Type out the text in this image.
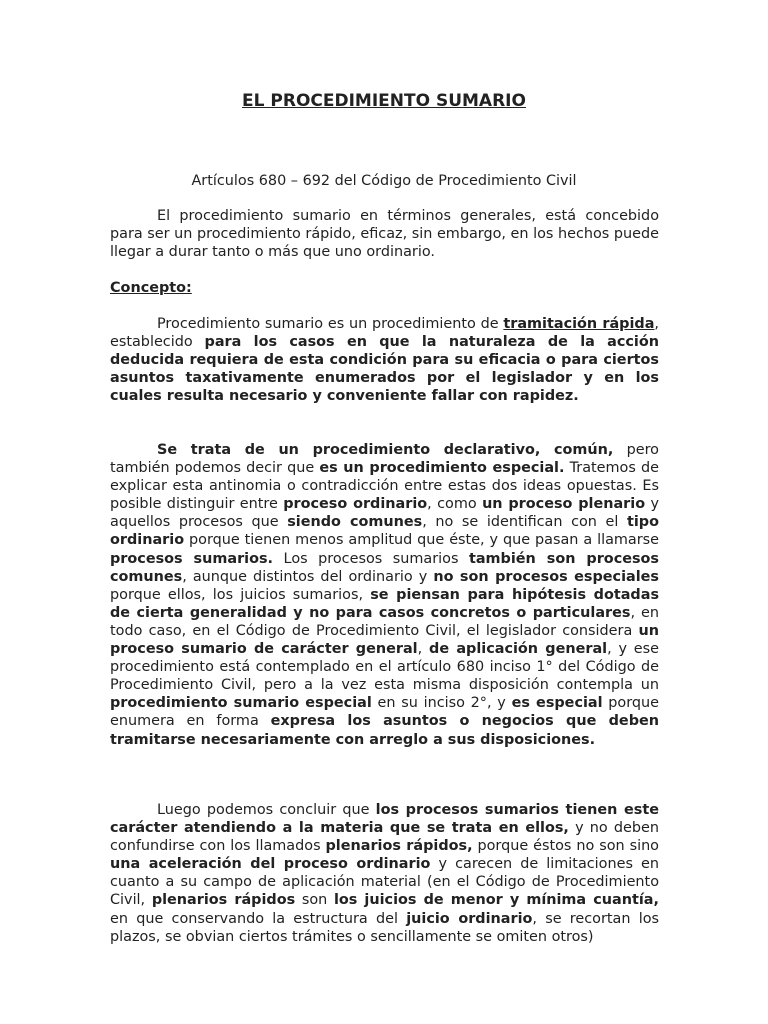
EL PROCEDIMIENTO SUMARIO

Artículos 680 – 692 del Código de Procedimiento Civil

El procedimiento sumario en términos generales, está concebido para ser un procedimiento rápido, eficaz, sin embargo, en los hechos puede llegar a durar tanto o más que uno ordinario.

Concepto:

Procedimiento sumario es un procedimiento de tramitación rápida, establecido para los casos en que la naturaleza de la acción deducida requiera de esta condición para su eficacia o para ciertos asuntos taxativamente enumerados por el legislador y en los cuales resulta necesario y conveniente fallar con rapidez.

Se trata de un procedimiento declarativo, común, pero también podemos decir que es un procedimiento especial. Tratemos de explicar esta antinomia o contradicción entre estas dos ideas opuestas. Es posible distinguir entre proceso ordinario, como un proceso plenario y aquellos procesos que siendo comunes, no se identifican con el tipo ordinario porque tienen menos amplitud que éste, y que pasan a llamarse procesos sumarios. Los procesos sumarios también son procesos comunes, aunque distintos del ordinario y no son procesos especiales porque ellos, los juicios sumarios, se piensan para hipótesis dotadas de cierta generalidad y no para casos concretos o particulares, en todo caso, en el Código de Procedimiento Civil, el legislador considera un proceso sumario de carácter general, de aplicación general, y ese procedimiento está contemplado en el artículo 680 inciso 1° del Código de Procedimiento Civil, pero a la vez esta misma disposición contempla un procedimiento sumario especial en su inciso 2°, y es especial porque enumera en forma expresa los asuntos o negocios que deben tramitarse necesariamente con arreglo a sus disposiciones.

Luego podemos concluir que los procesos sumarios tienen este carácter atendiendo a la materia que se trata en ellos, y no deben confundirse con los llamados plenarios rápidos, porque éstos no son sino una aceleración del proceso ordinario y carecen de limitaciones en cuanto a su campo de aplicación material (en el Código de Procedimiento Civil, plenarios rápidos son los juicios de menor y mínima cuantía, en que conservando la estructura del juicio ordinario, se recortan los plazos, se obvian ciertos trámites o sencillamente se omiten otros)
